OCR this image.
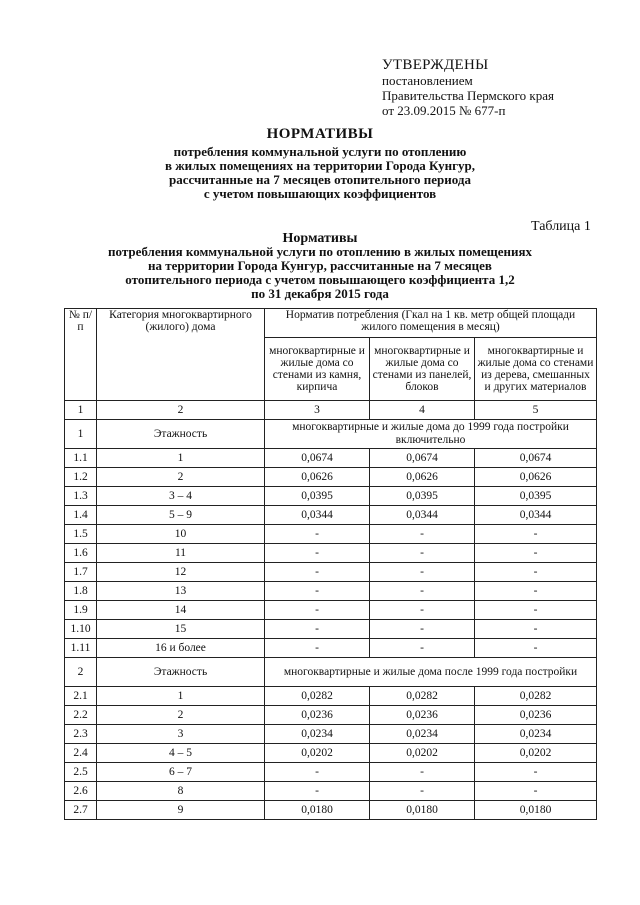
УТВЕРЖДЕНЫ
постановлением
Правительства Пермского края
от 23.09.2015 № 677-п
НОРМАТИВЫ
потребления коммунальной услуги по отоплению
в жилых помещениях на территории Города Кунгур,
рассчитанные на 7 месяцев отопительного периода
с учетом повышающих коэффициентов
Таблица 1
Нормативы
потребления коммунальной услуги по отоплению в жилых помещениях
на территории Города Кунгур, рассчитанные на 7 месяцев
отопительного периода с учетом повышающего коэффициента 1,2
по 31 декабря 2015 года
№ п/п	Категория многоквартирного (жилого) дома	Норматив потребления (Гкал на 1 кв. метр общей площади жилого помещения в месяц)		
		многоквартирные и жилые дома со стенами из камня, кирпича	многоквартирные и жилые дома со стенами из панелей, блоков	многоквартирные и жилые дома со стенами из дерева, смешанных и других материалов
1	2	3	4	5
1	Этажность	многоквартирные и жилые дома до 1999 года постройки включительно		
1.1	1	0,0674	0,0674	0,0674
1.2	2	0,0626	0,0626	0,0626
1.3	3 – 4	0,0395	0,0395	0,0395
1.4	5 – 9	0,0344	0,0344	0,0344
1.5	10	-	-	-
1.6	11	-	-	-
1.7	12	-	-	-
1.8	13	-	-	-
1.9	14	-	-	-
1.10	15	-	-	-
1.11	16 и более	-	-	-
2	Этажность	многоквартирные и жилые дома после 1999 года постройки		
2.1	1	0,0282	0,0282	0,0282
2.2	2	0,0236	0,0236	0,0236
2.3	3	0,0234	0,0234	0,0234
2.4	4 – 5	0,0202	0,0202	0,0202
2.5	6 – 7	-	-	-
2.6	8	-	-	-
2.7	9	0,0180	0,0180	0,0180
